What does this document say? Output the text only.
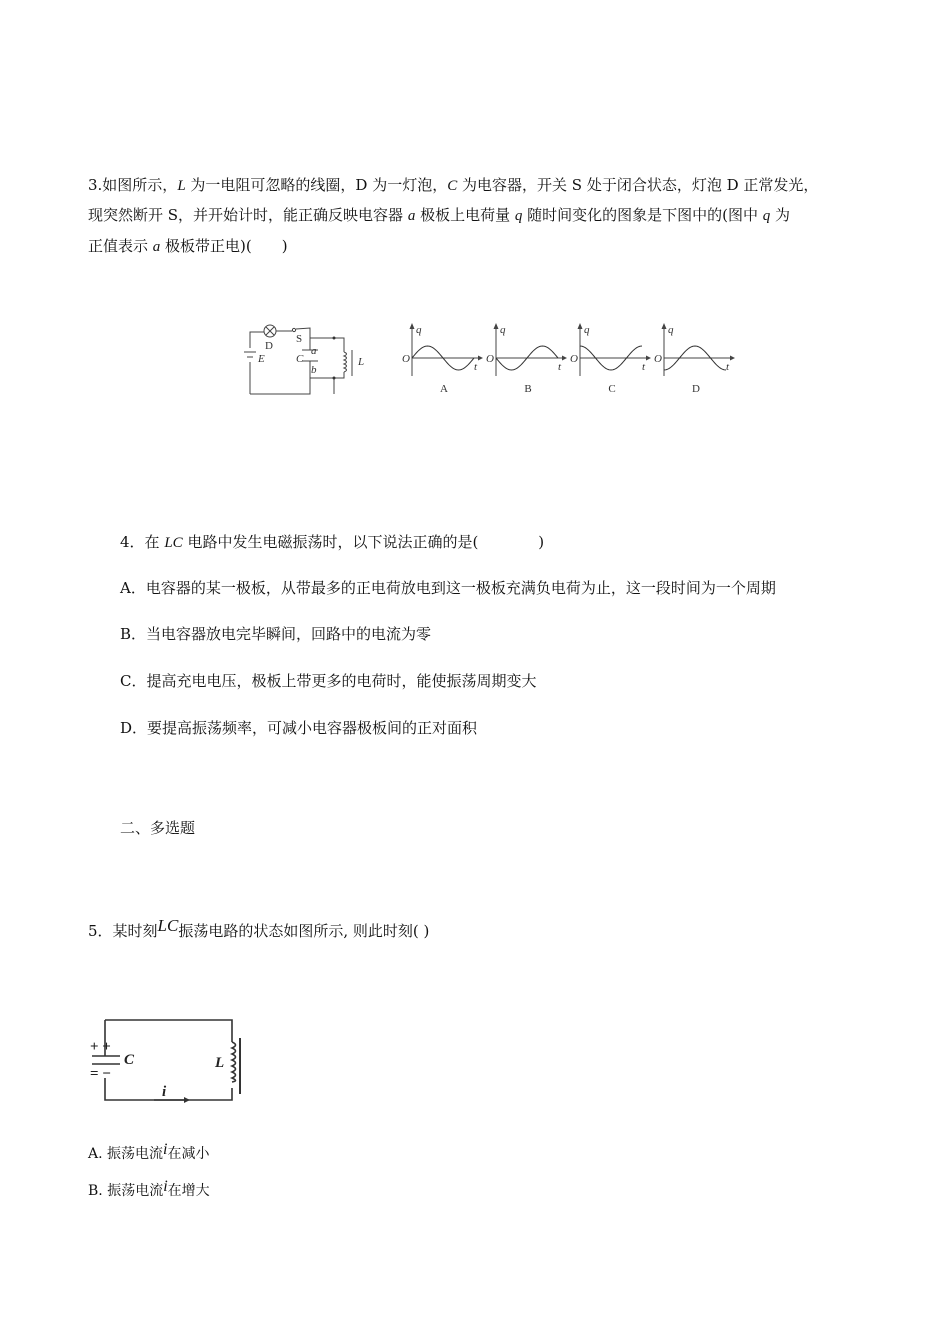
3.如图所示，L 为一电阻可忽略的线圈，D 为一灯泡，C 为电容器，开关 S 处于闭合状态，灯泡 D 正常发光，
现突然断开 S，并开始计时，能正确反映电容器 a 极板上电荷量 q 随时间变化的图象是下图中的(图中 q 为
正值表示 a 极板带正电)(　　)
D
S
C
a
b
L
E
q
O
t
A
q
O
t
B
q
O
t
C
q
O
t
D
4．在 LC 电路中发生电磁振荡时，以下说法正确的是(　　　　)
A．电容器的某一极板，从带最多的正电荷放电到这一极板充满负电荷为止，这一段时间为一个周期
B．当电容器放电完毕瞬间，回路中的电流为零
C．提高充电电压，极板上带更多的电荷时，能使振荡周期变大
D．要提高振荡频率，可减小电容器极板间的正对面积
二、多选题
5．某时刻LC振荡电路的状态如图所示, 则此时刻( )
+ +
= −
C	L
i
A. 振荡电流i在减小
B. 振荡电流i在增大
